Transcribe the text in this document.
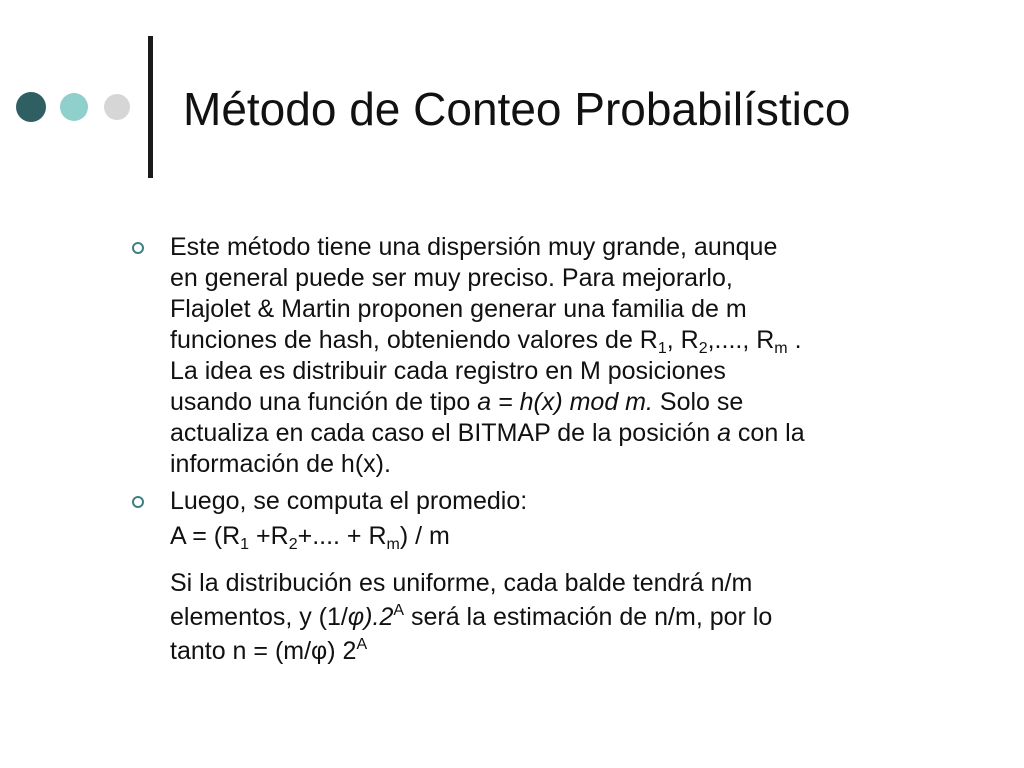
Método de Conteo Probabilístico
Este método tiene una dispersión muy grande, aunque
en general puede ser muy preciso. Para mejorarlo,
Flajolet & Martin proponen generar una familia de m
funciones de hash, obteniendo valores de $R_1$, $R_2$,...., $R_m$ .
La idea es distribuir cada registro en M posiciones
usando una función de tipo a = h(x) mod m. Solo se
actualiza en cada caso el BITMAP de la posición a con la
información de h(x).
Luego, se computa el promedio:
$A = (R_1 +R_2+$.... + $R_m$) / m
Si la distribución es uniforme, cada balde tendrá n/m
elementos, y $(1/\varphi).2^A$ será la estimación de n/m, por lo
tanto n = (m/φ) $2^A$
